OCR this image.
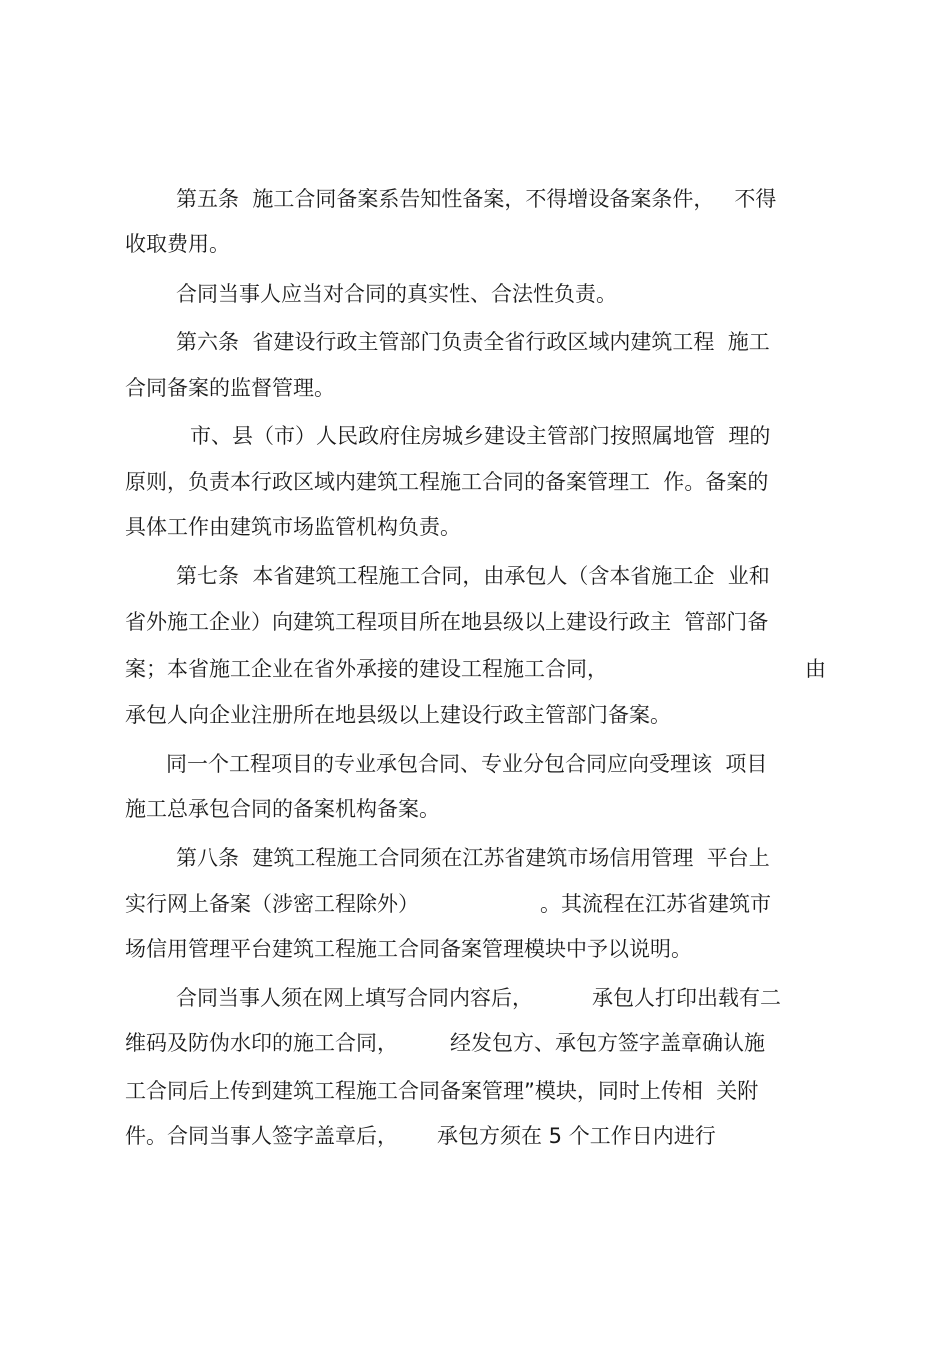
第五条  施工合同备案系告知性备案，不得增设备案条件，   不得
收取费用。
合同当事人应当对合同的真实性、合法性负责。
第六条  省建设行政主管部门负责全省行政区域内建筑工程  施工
合同备案的监督管理。
市、县（市）人民政府住房城乡建设主管部门按照属地管  理的
原则，负责本行政区域内建筑工程施工合同的备案管理工  作。备案的
具体工作由建筑市场监管机构负责。
第七条  本省建筑工程施工合同，由承包人（含本省施工企  业和
省外施工企业）向建筑工程项目所在地县级以上建设行政主  管部门备
案；本省施工企业在省外承接的建设工程施工合同，	由
承包人向企业注册所在地县级以上建设行政主管部门备案。
同一个工程项目的专业承包合同、专业分包合同应向受理该  项目
施工总承包合同的备案机构备案。
第八条  建筑工程施工合同须在江苏省建筑市场信用管理  平台上
实行网上备案（涉密工程除外）	。其流程在江苏省建筑市
场信用管理平台建筑工程施工合同备案管理模块中予以说明。
合同当事人须在网上填写合同内容后，	承包人打印出载有二
维码及防伪水印的施工合同， 经发包方、承包方签字盖章确认施
工合同后上传到建筑工程施工合同备案管理”模块，同时上传相  关附
件。合同当事人签字盖章后， 承包方须在 5 个工作日内进行
